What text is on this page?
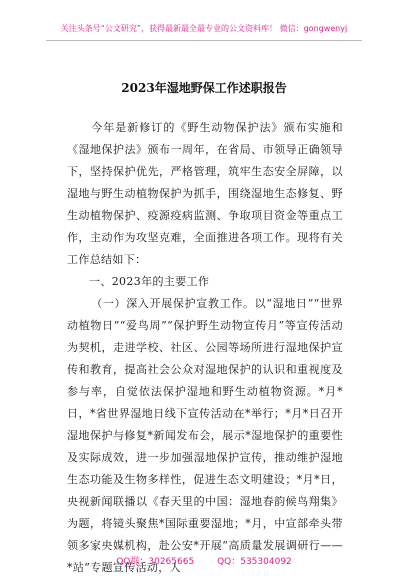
关注头条号“公文研究”，获得最新最全最专业的公文资料库！ 微信：gongwenyj
2023年湿地野保工作述职报告

今年是新修订的《野生动物保护法》颁布实施和《湿地保护法》颁布一周年，在省局、市领导正确领导下，坚持保护优先，严格管理，筑牢生态安全屏障，以湿地与野生动植物保护为抓手，围绕湿地生态修复、野生动植物保护、疫源疫病监测、争取项目资金等重点工作，主动作为攻坚克难，全面推进各项工作。现将有关工作总结如下：

一、2023年的主要工作

（一）深入开展保护宣教工作。以“湿地日”“世界动植物日”“爱鸟周”“保护野生动物宣传月”等宣传活动为契机，走进学校、社区、公园等场所进行湿地保护宣传和教育，提高社会公众对湿地保护的认识和重视度及参与率，自觉依法保护湿地和野生动植物资源。*月*日，*省世界湿地日线下宣传活动在*举行；*月*日召开湿地保护与修复*新闻发布会，展示*湿地保护的重要性及实际成效，进一步加强湿地保护宣传，推动维护湿地生态功能及生物多样性，促进生态文明建设；*月*日，央视新闻联播以《春天里的中国：湿地春韵候鸟翔集》为题，将镜头聚焦*国际重要湿地；*月，中宣部牵头带领多家央媒机构，赴公安*开展“高质量发展调研行——*站”专题宣传活动，人

QQ群：30265665        QQ：535304092
